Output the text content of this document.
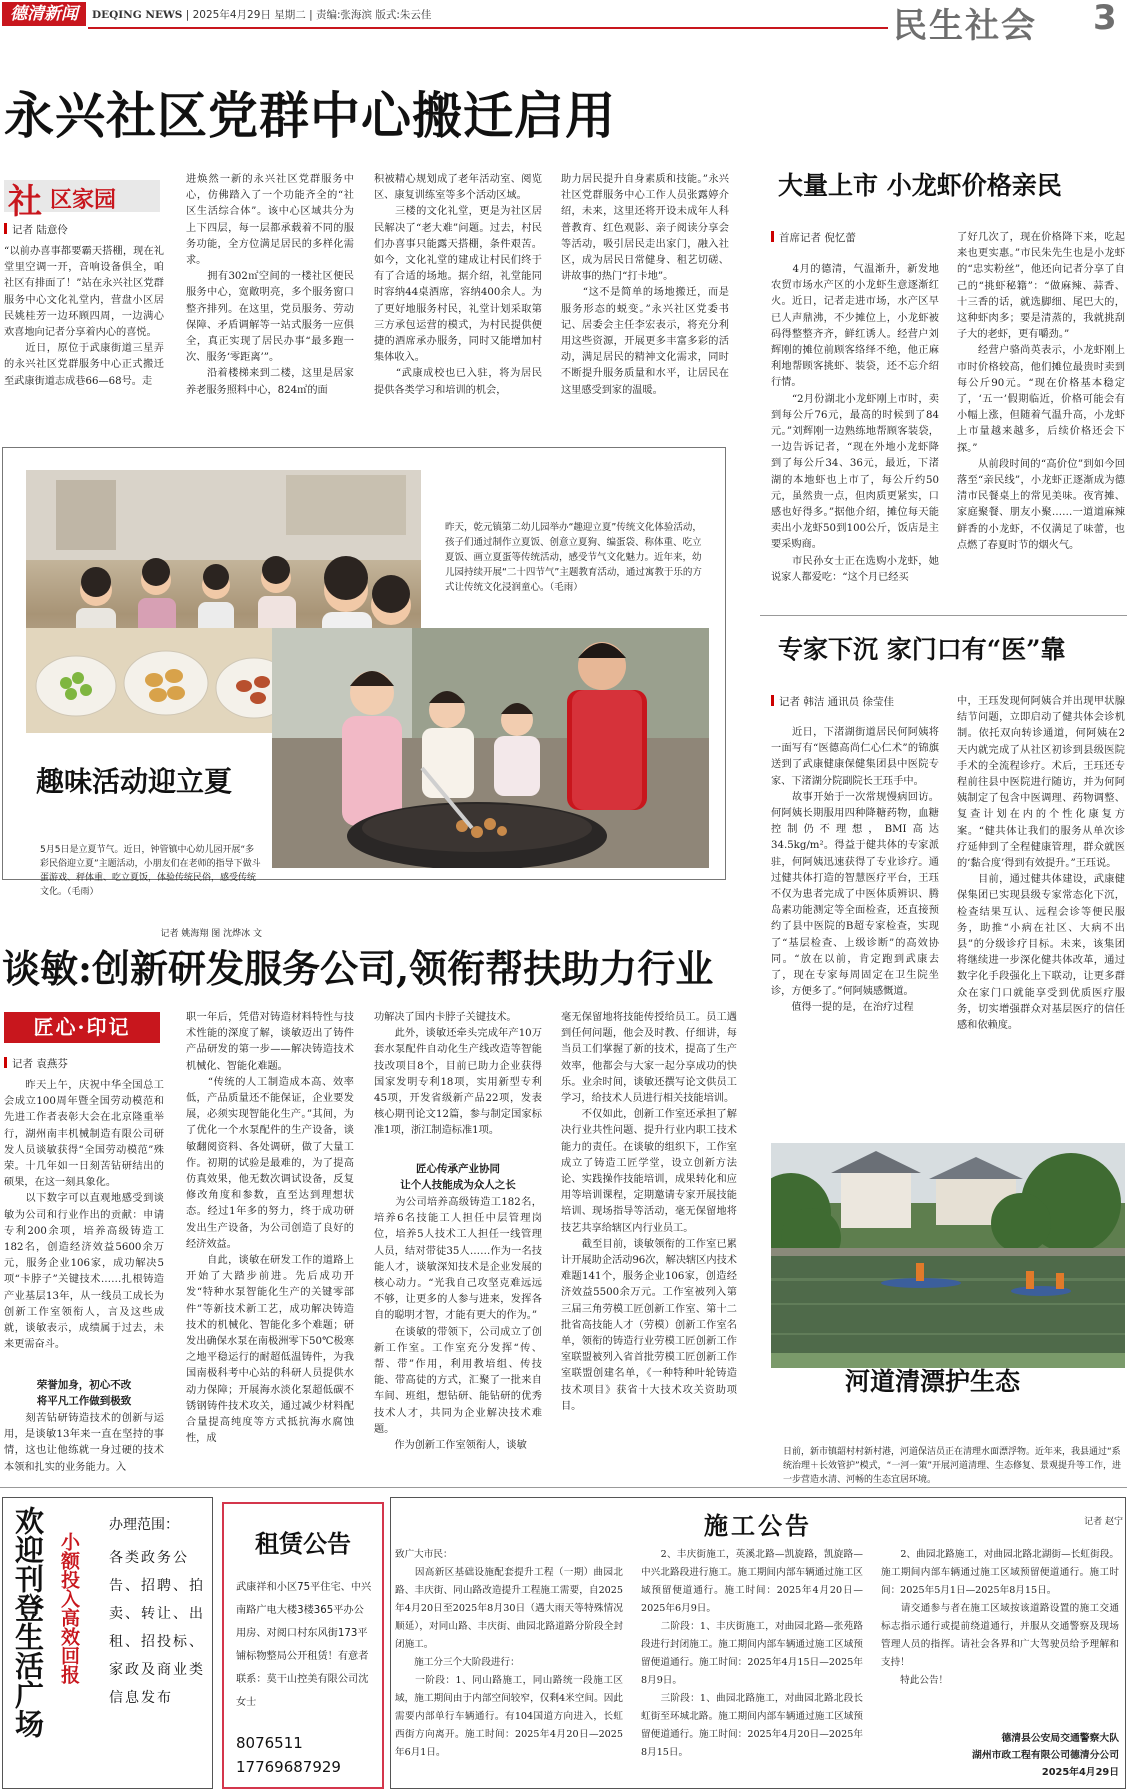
德清新闻	DEQING NEWS | 2025年4月29日 星期二 | 责编:张海滨 版式:朱云佳	民生社会 3
永兴社区党群中心搬迁启用
社 区家园
记者 陆意伶
“以前办喜事都要霸天搭棚，现在礼堂里空调一开，音响设备俱全，咱社区有排面了！”站在永兴社区党群服务中心文化礼堂内，营盘小区居民姚桂芳一边环顾四周，一边满心欢喜地向记者分享着内心的喜悦。
　　近日，原位于武康街道三星弄的永兴社区党群服务中心正式搬迁至武康街道志成巷66—68号。走
进焕然一新的永兴社区党群服务中心，仿佛踏入了一个功能齐全的“社区生活综合体”。该中心区域共分为上下四层，每一层都承载着不同的服务功能，全方位满足居民的多样化需求。
　　拥有302㎡空间的一楼社区便民服务中心，宽敞明亮，多个服务窗口整齐排列。在这里，党员服务、劳动保障、矛盾调解等一站式服务一应俱全，真正实现了居民办事“最多跑一次、服务‘零距离’”。
　　沿着楼梯来到二楼，这里是居家养老服务照料中心，824㎡的面
积被精心规划成了老年活动室、阅览区、康复训练室等多个活动区域。
　　三楼的文化礼堂，更是为社区居民解决了“老大难”问题。过去，村民们办喜事只能露天搭棚，条件艰苦。如今，文化礼堂的建成让村民们终于有了合适的场地。据介绍，礼堂能同时容纳44桌酒席，容纳400余人。为了更好地服务村民，礼堂计划采取第三方承包运营的模式，为村民提供便捷的酒席承办服务，同时又能增加村集体收入。
　　“武康成校也已入驻，将为居民提供各类学习和培训的机会，
助力居民提升自身素质和技能。”永兴社区党群服务中心工作人员张露婷介绍，未来，这里还将开设未成年人科普教育、红色观影、亲子阅读分享会等活动，吸引居民走出家门，融入社区，成为居民日常健身、租艺切磋、讲故事的热门“打卡地”。
　　“这不是简单的场地搬迁，而是服务形态的蜕变。”永兴社区党委书记、居委会主任李宏表示，将充分利用这些资源，开展更多丰富多彩的活动，满足居民的精神文化需求，同时不断提升服务质量和水平，让居民在这里感受到家的温暖。

昨天，乾元镇第二幼儿园举办“趣迎立夏”传统文化体验活动，孩子们通过制作立夏饭、创意立夏狗、编蛋袋、称体重、吃立夏饭、画立夏蛋等传统活动，感受节气文化魅力。近年来，幼儿园持续开展“二十四节气”主题教育活动，通过寓教于乐的方式让传统文化浸润童心。（毛雨）

趣味活动迎立夏

5月5日是立夏节气。近日，钟管镇中心幼儿园开展“多彩民俗迎立夏”主题活动，小朋友们在老师的指导下做斗蛋游戏、秤体重、吃立夏饭，体验传统民俗，感受传统文化。（毛雨）

记者 姚海翔 图 沈烨冰 文

大量上市 小龙虾价格亲民
首席记者 倪忆蕾
　　4月的德清，气温渐升，新发地农贸市场水产区的小龙虾生意逐渐红火。近日，记者走进市场，水产区早已人声鼎沸，不少摊位上，小龙虾被码得整整齐齐，鲜红诱人。经营户刘辉刚的摊位前顾客络绎不绝，他正麻利地帮顾客挑虾、装袋，还不忘介绍行情。
　　“2月份湖北小龙虾刚上市时，卖到每公斤76元，最高的时候到了84元。”刘辉刚一边熟练地帮顾客装袋，一边告诉记者，“现在外地小龙虾降到了每公斤34、36元，最近，下渚湖的本地虾也上市了，每公斤约50元，虽然贵一点，但肉质更紧实，口感也好得多。”据他介绍，摊位每天能卖出小龙虾50到100公斤，饭店是主要采购商。
　　市民孙女士正在选购小龙虾，她说家人都爱吃：“这个月已经买
了好几次了，现在价格降下来，吃起来也更实惠。”市民朱先生也是小龙虾的“忠实粉丝”，他还向记者分享了自己的“挑虾秘籍”：“做麻辣、蒜香、十三香的话，就选脚细、尾巴大的，这种虾肉多；要是清蒸的，我就挑刮子大的老虾，更有嚼劲。”
　　经营户骆尚英表示，小龙虾刚上市时价格较高，他们摊位最贵时卖到每公斤90元。“现在价格基本稳定了，‘五一’假期临近，价格可能会有小幅上涨，但随着气温升高，小龙虾上市量越来越多，后续价格还会下探。”
　　从前段时间的“高价位”到如今回落至“亲民线”，小龙虾正逐渐成为德清市民餐桌上的常见美味。夜宵摊、家庭聚餐、朋友小聚……一道道麻辣鲜香的小龙虾，不仅满足了味蕾，也点燃了春夏时节的烟火气。
专家下沉 家门口有“医”靠
记者 韩洁 通讯员 徐莹佳
　　近日，下渚湖街道居民何阿姨将一面写有“医德高尚仁心仁术”的锦旗送到了武康健康保健集团县中医院专家、下渚湖分院副院长王珏手中。
　　故事开始于一次常规慢病回访。何阿姨长期服用四种降糖药物，血糖控制仍不理想，BMI高达34.5kg/m²。得益于健共体的专家派驻，何阿姨迅速获得了专业诊疗。通过健共体打造的智慧医疗平台，王珏不仅为患者完成了中医体质辨识、腾岛素功能测定等全面检查，还直接预约了县中医院的B超专家检查，实现了“基层检查、上级诊断”的高效协同。“放在以前，肯定跑到武康去了，现在专家每周固定在卫生院坐诊，方便多了。”何阿姨感慨道。
　　值得一提的是，在治疗过程
中，王珏发现何阿姨合并出现甲状腺结节问题，立即启动了健共体会诊机制。依托双向转诊通道，何阿姨在2天内就完成了从社区初诊到县级医院手术的全流程诊疗。术后，王珏还专程前往县中医院进行随访，并为何阿姨制定了包含中医调理、药物调整、复查计划在内的个性化康复方案。“健共体让我们的服务从单次诊疗延伸到了全程健康管理，群众就医的‘黏合度’得到有效提升。”王珏说。
　　目前，通过健共体建设，武康健保集团已实现县级专家常态化下沉，检查结果互认、远程会诊等便民服务，助推“小病在社区、大病不出县”的分级诊疗目标。未来，该集团将继续进一步深化健共体改革，通过数字化手段强化上下联动，让更多群众在家门口就能享受到优质医疗服务，切实增强群众对基层医疗的信任感和依赖度。
谈敏:创新研发服务公司,领衔帮扶助力行业
匠心·印记
记者 袁燕芬
　　昨天上午，庆祝中华全国总工会成立100周年暨全国劳动模范和先进工作者表彰大会在北京隆重举行，湖州南丰机械制造有限公司研发人员谈敏获得“全国劳动模范”殊荣。十几年如一日刻苦钻研结出的硕果，在这一刻具象化。
　　以下数字可以直观地感受到谈敏为公司和行业作出的贡献：申请专利200余项，培养高级铸造工182名，创造经济效益5600余万元，服务企业106家，成功解决5项“卡脖子”关键技术……扎根铸造产业基层13年，从一线员工成长为创新工作室领衔人，言及这些成就，谈敏表示，成绩属于过去，未来更需奋斗。
荣誉加身，初心不改
将平凡工作做到极致
　　刻苦钻研铸造技术的创新与运用，是谈敏13年来一直在坚持的事情，这也让他练就一身过硬的技术本领和扎实的业务能力。入
职一年后，凭借对铸造材料特性与技术性能的深度了解，谈敏迈出了铸件产品研发的第一步——解决铸造技术机械化、智能化难题。
　　“传统的人工制造成本高、效率低，产品质量还不能保证，企业要发展，必须实现智能化生产。”其间，为了优化一个水泵配件的生产设备，谈敏翻阅资料、各处调研，做了大量工作。初期的试验是最难的，为了提高仿真效果，他无数次调试设备，反复修改角度和参数，直至达到理想状态。经过1年多的努力，终于成功研发出生产设备，为公司创造了良好的经济效益。
　　自此，谈敏在研发工作的道路上开始了大踏步前进。先后成功开发“特种水泵智能化生产的关键零部件”等新技术新工艺，成功解决铸造技术的机械化、智能化多个难题；研发出确保水泵在南极洲零下50℃极寒之地平稳运行的耐超低温铸件，为我国南极科考中心站的科研人员提供水动力保障；开展海水淡化泵超低碳不锈钢铸件技术攻关，通过减少材料配合量提高纯度等方式抵抗海水腐蚀性，成
功解决了国内卡脖子关键技术。
　　此外，谈敏还牵头完成年产10万套水泵配件自动化生产线改造等智能技改项目8个，目前已助力企业获得国家发明专利18项，实用新型专利45项，开发省级新产品22项，发表核心期刊论文12篇，参与制定国家标准1项，浙江制造标准1项。
匠心传承产业协同
让个人技能成为众人之长
　　为公司培养高级铸造工182名，培养6名技能工人担任中层管理岗位，培养5人技术工人担任一线管理人员，结对带徒35人……作为一名技能人才，谈敏深知技术是企业发展的核心动力。“光我自己攻坚克难远远不够，让更多的人参与进来，发挥各自的聪明才智，才能有更大的作为。”
　　在谈敏的带领下，公司成立了创新工作室。工作室充分发挥“传、帮、带”作用，利用教培组、传技能、带高徒的方式，汇聚了一批来自车间、班组，想钻研、能钻研的优秀技术人才，共同为企业解决技术难题。
　　作为创新工作室领衔人，谈敏
毫无保留地将技能传授给员工。员工遇到任何问题，他会及时教、仔细讲，每当员工们掌握了新的技术，提高了生产效率，他都会与大家一起分享成功的快乐。业余时间，谈敏还撰写论文供员工学习，给技术人员进行相关技能培训。
　　不仅如此，创新工作室还承担了解决行业共性问题、提升行业内职工技术能力的责任。在谈敏的组织下，工作室成立了铸造工匠学堂，设立创新方法论、实践操作技能培训，成果转化和应用等培训课程，定期邀请专家开展技能培训、现场指导等活动，毫无保留地将技艺共享给辖区内行业员工。
　　截至目前，谈敏领衔的工作室已累计开展助企活动96次，解决辖区内技术难题141个，服务企业106家，创造经济效益5500余万元。工作室被列入第三届三角劳模工匠创新工作室、第十二批省高技能人才（劳模）创新工作室名单，领衔的铸造行业劳模工匠创新工作室联盟被列入省首批劳模工匠创新工作室联盟创建名单，《一种特种叶轮铸造技术项目》获省十大技术攻关资助项目。
河道清漂护生态

日前，新市镇韶村村新村港，河道保洁员正在清理水面漂浮物。近年来，我县通过“系统治理＋长效管护”模式，“一河一策”开展河道清理、生态修复、景观提升等工作，进一步营造水清、河畅的生态宜居环境。

记者 赵宁

欢迎刊登生活广场 小额投入高效回报
办理范围：
各类政务公告、招聘、拍卖、转让、出租、招投标、家政及商业类信息发布
租赁公告
武康祥和小区75平住宅、中兴南路广电大楼3楼365平办公用房、对阅口村东风街173平铺标物整局公开租赁！有意者联系：莫干山控美有限公司沈女士
8076511
17769687929
施工公告
致广大市民：
　　因高新区基础设施配套提升工程（一期）曲园北路、丰庆街、同山路改造提升工程施工需要，自2025年4月20日至2025年8月30日（遇大雨天等特殊情况顺延），对同山路、丰庆街、曲园北路道路分阶段全封闭施工。
　　施工分三个大阶段进行：
　　一阶段：1、同山路施工，同山路统一段施工区域，施工期间由于内部空间较窄，仅剩4米空间。因此需要内部单行车辆通行。有104国道方向进入，长虹西街方向离开。施工时间：2025年4月20日—2025年6月1日。
　　2、丰庆街施工，英溪北路—凯旋路，凯旋路—中兴北路段进行施工。施工期间内部车辆通过施工区域预留便道通行。施工时间：2025年4月20日—2025年6月9日。
　　二阶段：1、丰庆街施工，对曲园北路—张苑路段进行封闭施工。施工期间内部车辆通过施工区域预留便道通行。施工时间：2025年4月15日—2025年8月9日。
　　三阶段：1、曲园北路施工，对曲园北路北段长虹街至环城北路。施工期间内部车辆通过施工区域预留便道通行。施工时间：2025年4月20日—2025年8月15日。
　　2、曲园北路施工，对曲园北路北湖街—长虹街段。施工期间内部车辆通过施工区域预留便道通行。施工时间：2025年5月1日—2025年8月15日。
　　请交通参与者在施工区域按该道路设置的施工交通标志指示通行或提前绕道通行，并服从交通警察及现场管理人员的指挥。请社会各界和广大驾驶员给予理解和支持！
　　特此公告！
德清县公安局交通警察大队
湖州市政工程有限公司德清分公司
2025年4月29日
